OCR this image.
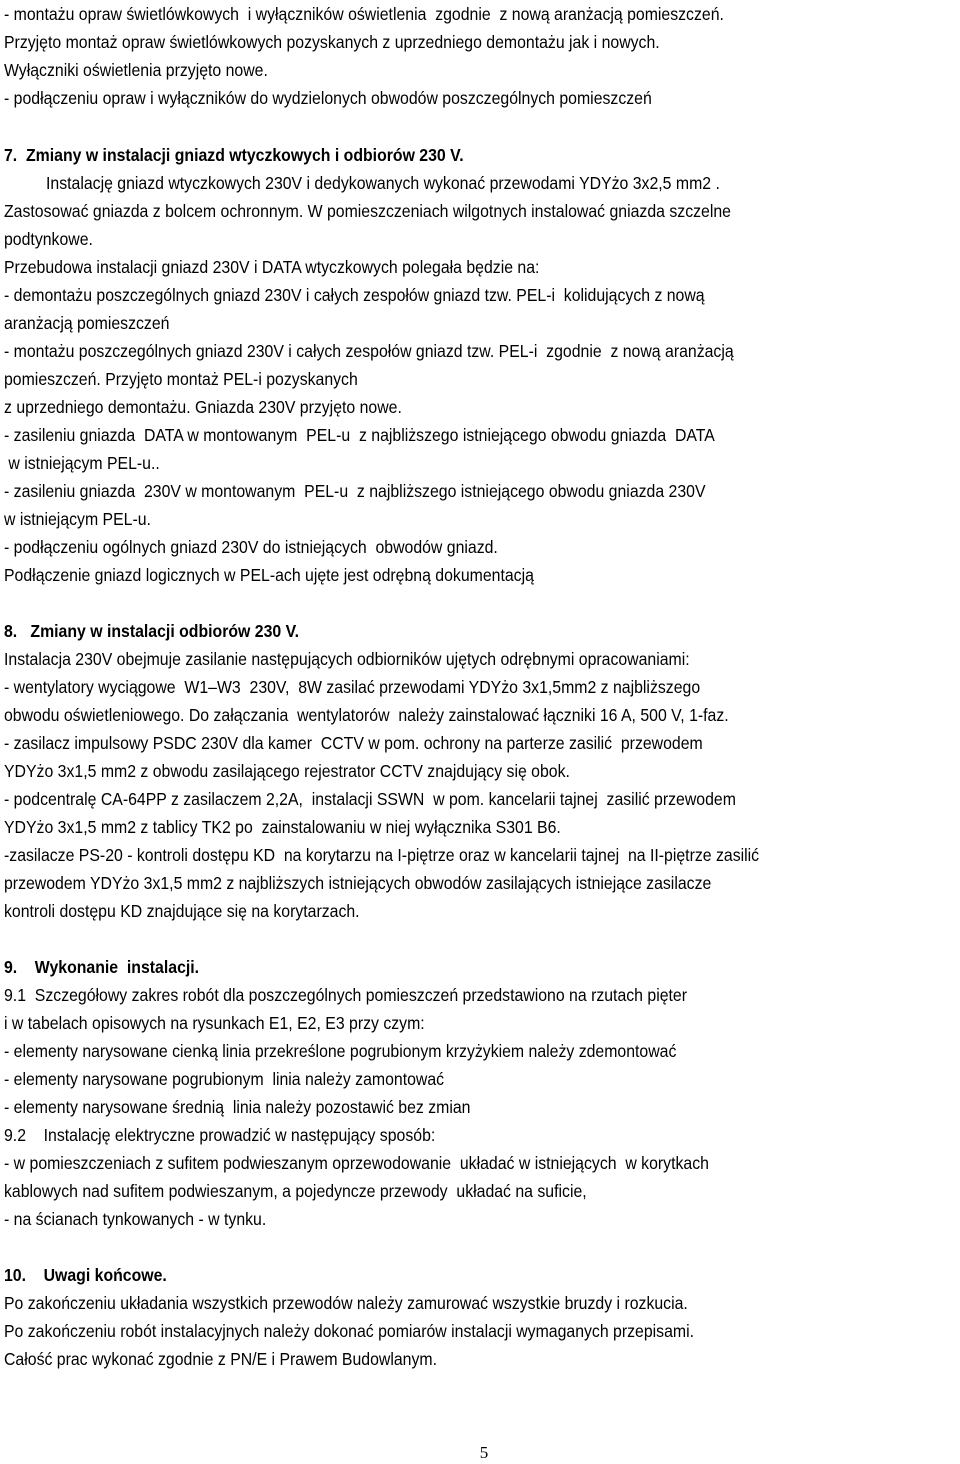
- montażu opraw świetlówkowych  i wyłączników oświetlenia  zgodnie  z nową aranżacją pomieszczeń.
Przyjęto montaż opraw świetlówkowych pozyskanych z uprzedniego demontażu jak i nowych.
Wyłączniki oświetlenia przyjęto nowe.
- podłączeniu opraw i wyłączników do wydzielonych obwodów poszczególnych pomieszczeń
7.  Zmiany w instalacji gniazd wtyczkowych i odbiorów 230 V.
Instalację gniazd wtyczkowych 230V i dedykowanych wykonać przewodami YDYżo 3x2,5 mm2 .
Zastosować gniazda z bolcem ochronnym. W pomieszczeniach wilgotnych instalować gniazda szczelne
podtynkowe.
Przebudowa instalacji gniazd 230V i DATA wtyczkowych polegała będzie na:
- demontażu poszczególnych gniazd 230V i całych zespołów gniazd tzw. PEL-i  kolidujących z nową
aranżacją pomieszczeń
- montażu poszczególnych gniazd 230V i całych zespołów gniazd tzw. PEL-i  zgodnie  z nową aranżacją
pomieszczeń. Przyjęto montaż PEL-i pozyskanych
z uprzedniego demontażu. Gniazda 230V przyjęto nowe.
- zasileniu gniazda  DATA w montowanym  PEL-u  z najbliższego istniejącego obwodu gniazda  DATA
w istniejącym PEL-u..
- zasileniu gniazda  230V w montowanym  PEL-u  z najbliższego istniejącego obwodu gniazda 230V
w istniejącym PEL-u.
- podłączeniu ogólnych gniazd 230V do istniejących  obwodów gniazd.
Podłączenie gniazd logicznych w PEL-ach ujęte jest odrębną dokumentacją
8.   Zmiany w instalacji odbiorów 230 V.
Instalacja 230V obejmuje zasilanie następujących odbiorników ujętych odrębnymi opracowaniami:
- wentylatory wyciągowe  W1–W3  230V,  8W zasilać przewodami YDYżo 3x1,5mm2 z najbliższego
obwodu oświetleniowego. Do załączania  wentylatorów  należy zainstalować łączniki 16 A, 500 V, 1-faz.
- zasilacz impulsowy PSDC 230V dla kamer  CCTV w pom. ochrony na parterze zasilić  przewodem
YDYżo 3x1,5 mm2 z obwodu zasilającego rejestrator CCTV znajdujący się obok.
- podcentralę CA-64PP z zasilaczem 2,2A,  instalacji SSWN  w pom. kancelarii tajnej  zasilić przewodem
YDYżo 3x1,5 mm2 z tablicy TK2 po  zainstalowaniu w niej wyłącznika S301 B6.
-zasilacze PS-20 - kontroli dostępu KD  na korytarzu na I-piętrze oraz w kancelarii tajnej  na II-piętrze zasilić
przewodem YDYżo 3x1,5 mm2 z najbliższych istniejących obwodów zasilających istniejące zasilacze
kontroli dostępu KD znajdujące się na korytarzach.
9.    Wykonanie  instalacji.
9.1  Szczegółowy zakres robót dla poszczególnych pomieszczeń przedstawiono na rzutach pięter
i w tabelach opisowych na rysunkach E1, E2, E3 przy czym:
- elementy narysowane cienką linia przekreślone pogrubionym krzyżykiem należy zdemontować
- elementy narysowane pogrubionym  linia należy zamontować
- elementy narysowane średnią  linia należy pozostawić bez zmian
9.2    Instalację elektryczne prowadzić w następujący sposób:
- w pomieszczeniach z sufitem podwieszanym oprzewodowanie  układać w istniejących  w korytkach
kablowych nad sufitem podwieszanym, a pojedyncze przewody  układać na suficie,
- na ścianach tynkowanych - w tynku.
10.    Uwagi końcowe.
Po zakończeniu układania wszystkich przewodów należy zamurować wszystkie bruzdy i rozkucia.
Po zakończeniu robót instalacyjnych należy dokonać pomiarów instalacji wymaganych przepisami.
Całość prac wykonać zgodnie z PN/E i Prawem Budowlanym.
5
